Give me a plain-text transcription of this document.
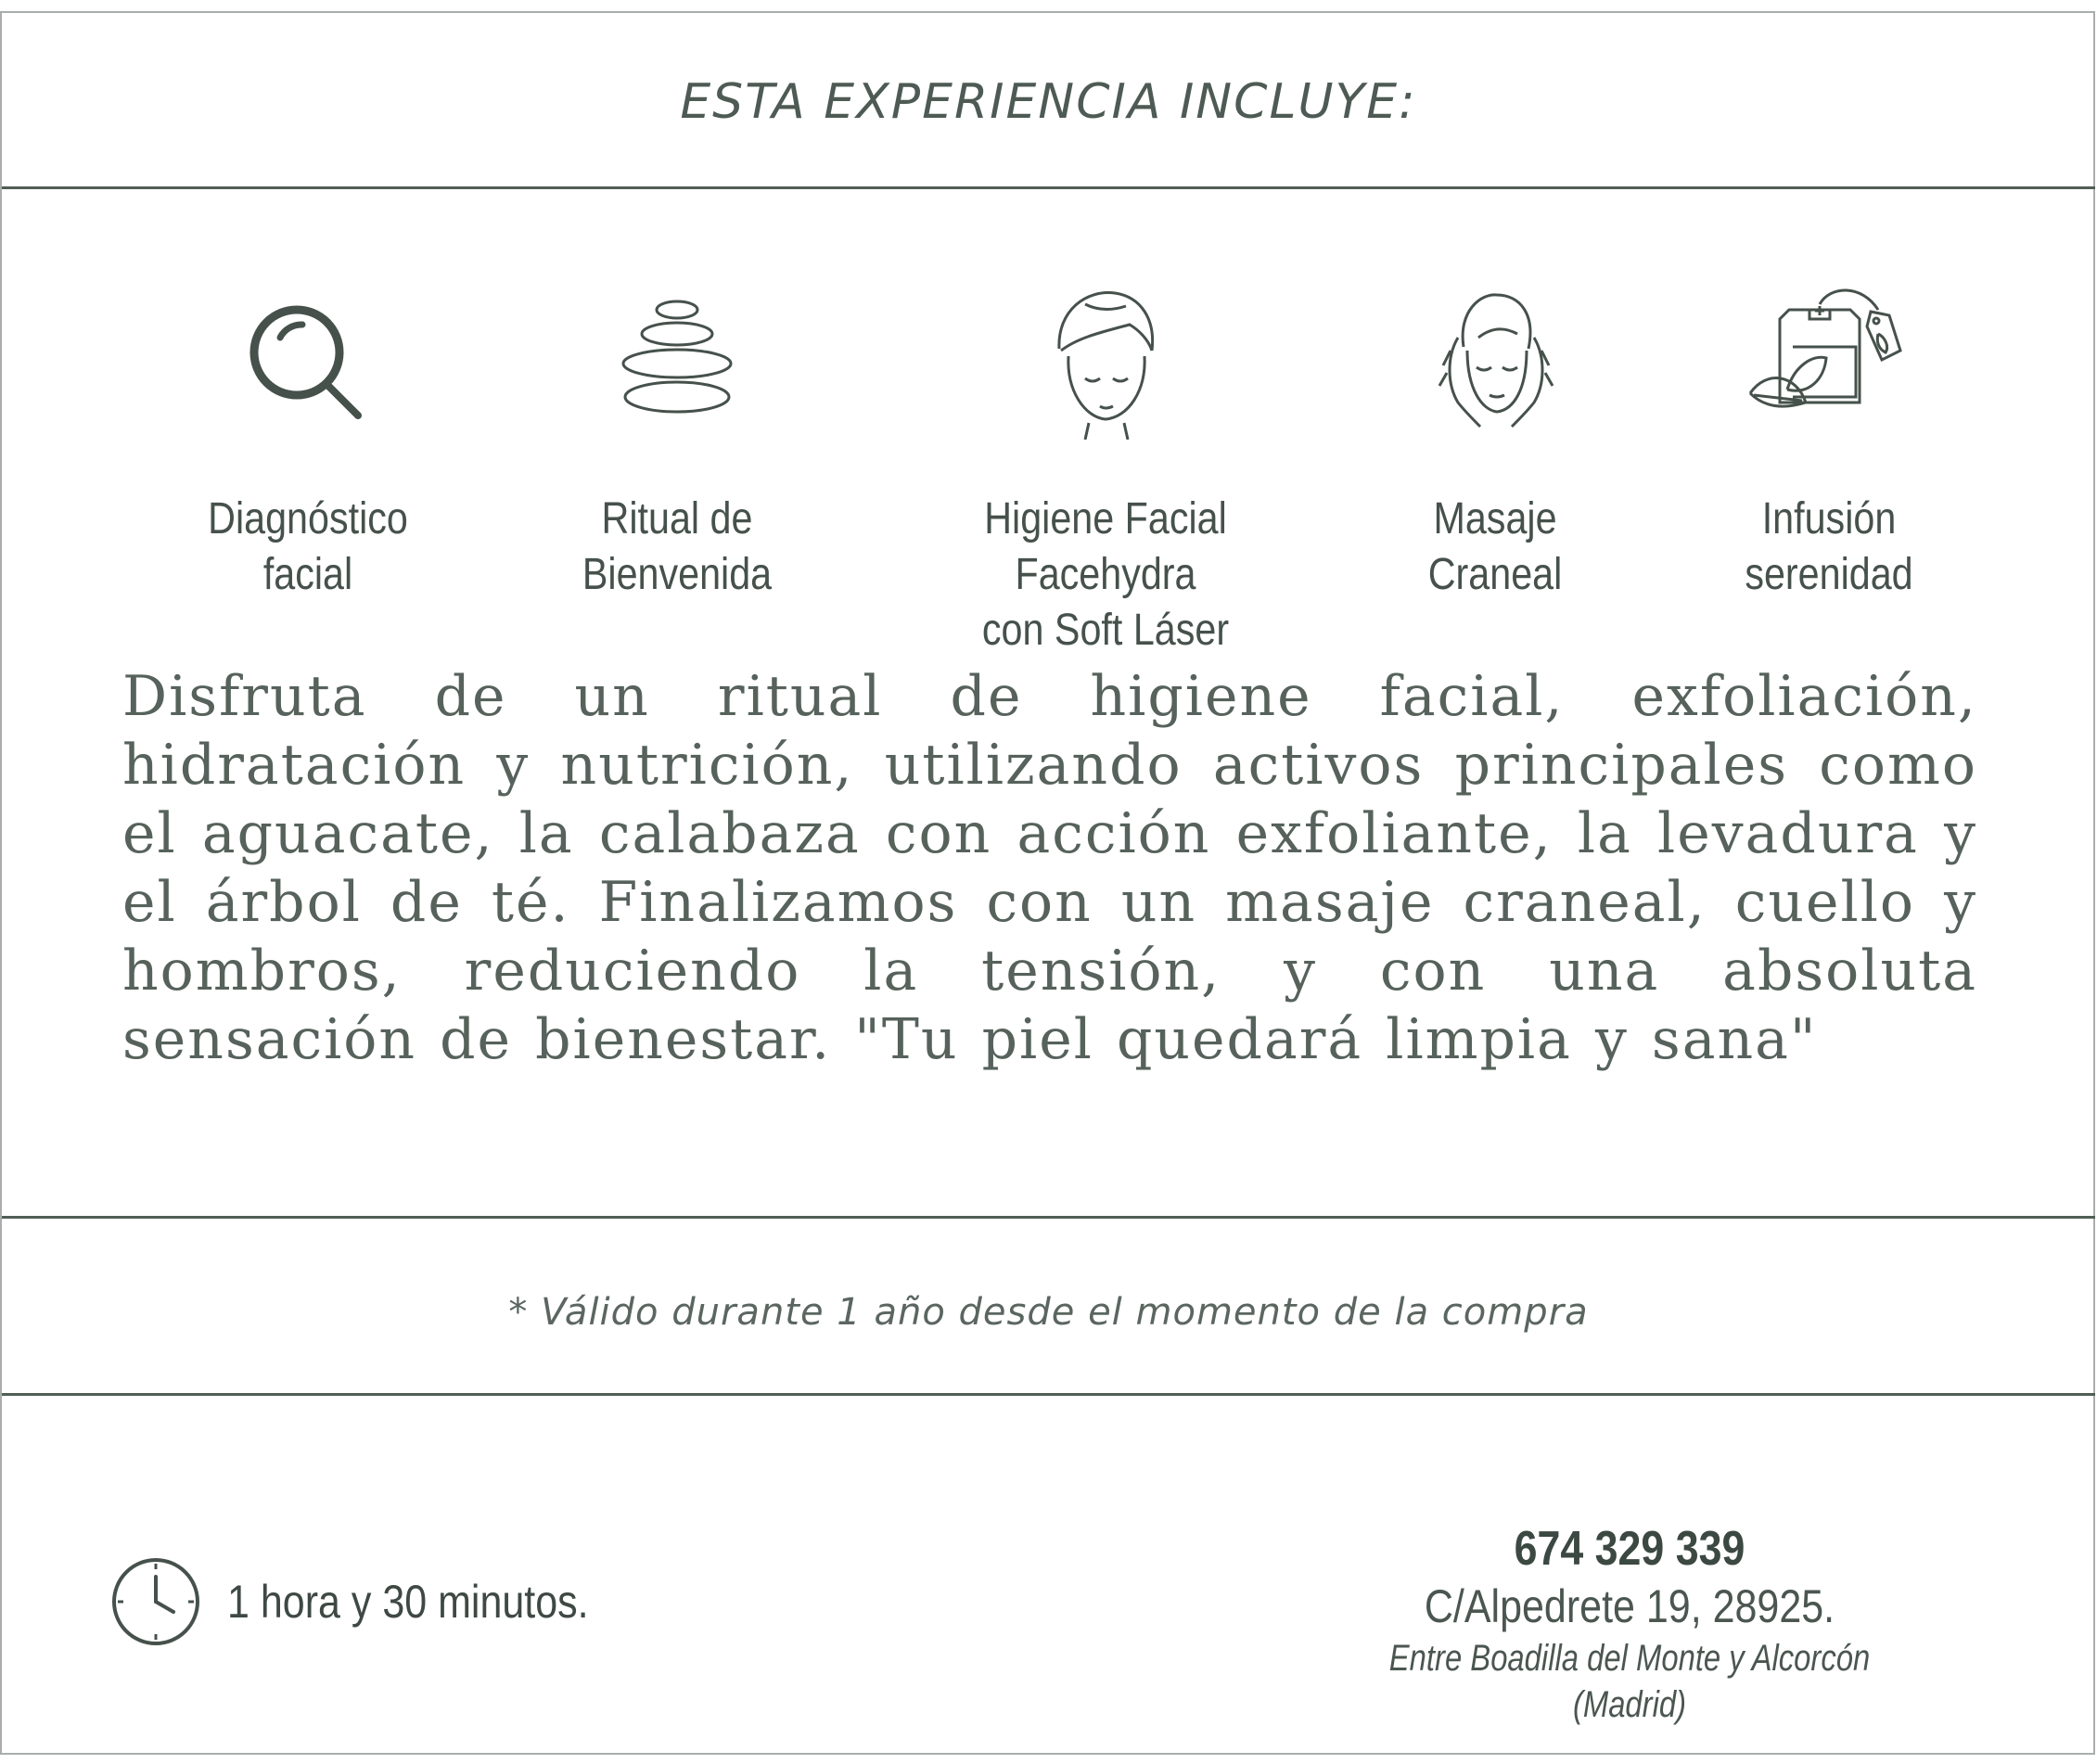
ESTA EXPERIENCIA INCLUYE:
Diagnóstico
facial
Ritual de
Bienvenida
Higiene Facial Facehydra
con Soft Láser
Masaje
Craneal
Infusión
serenidad
Disfruta de un ritual de higiene facial, exfoliación, hidratación y nutrición, utilizando activos principales como el aguacate, la calabaza con acción exfoliante, la levadura y el árbol de té. Finalizamos con un masaje craneal, cuello y hombros, reduciendo la tensión, y con una absoluta sensación de bienestar. "Tu piel quedará limpia y sana"
* Válido durante 1 año desde el momento de la compra
1 hora y 30 minutos.
674 329 339
C/Alpedrete 19, 28925.
Entre Boadilla del Monte y Alcorcón (Madrid)
